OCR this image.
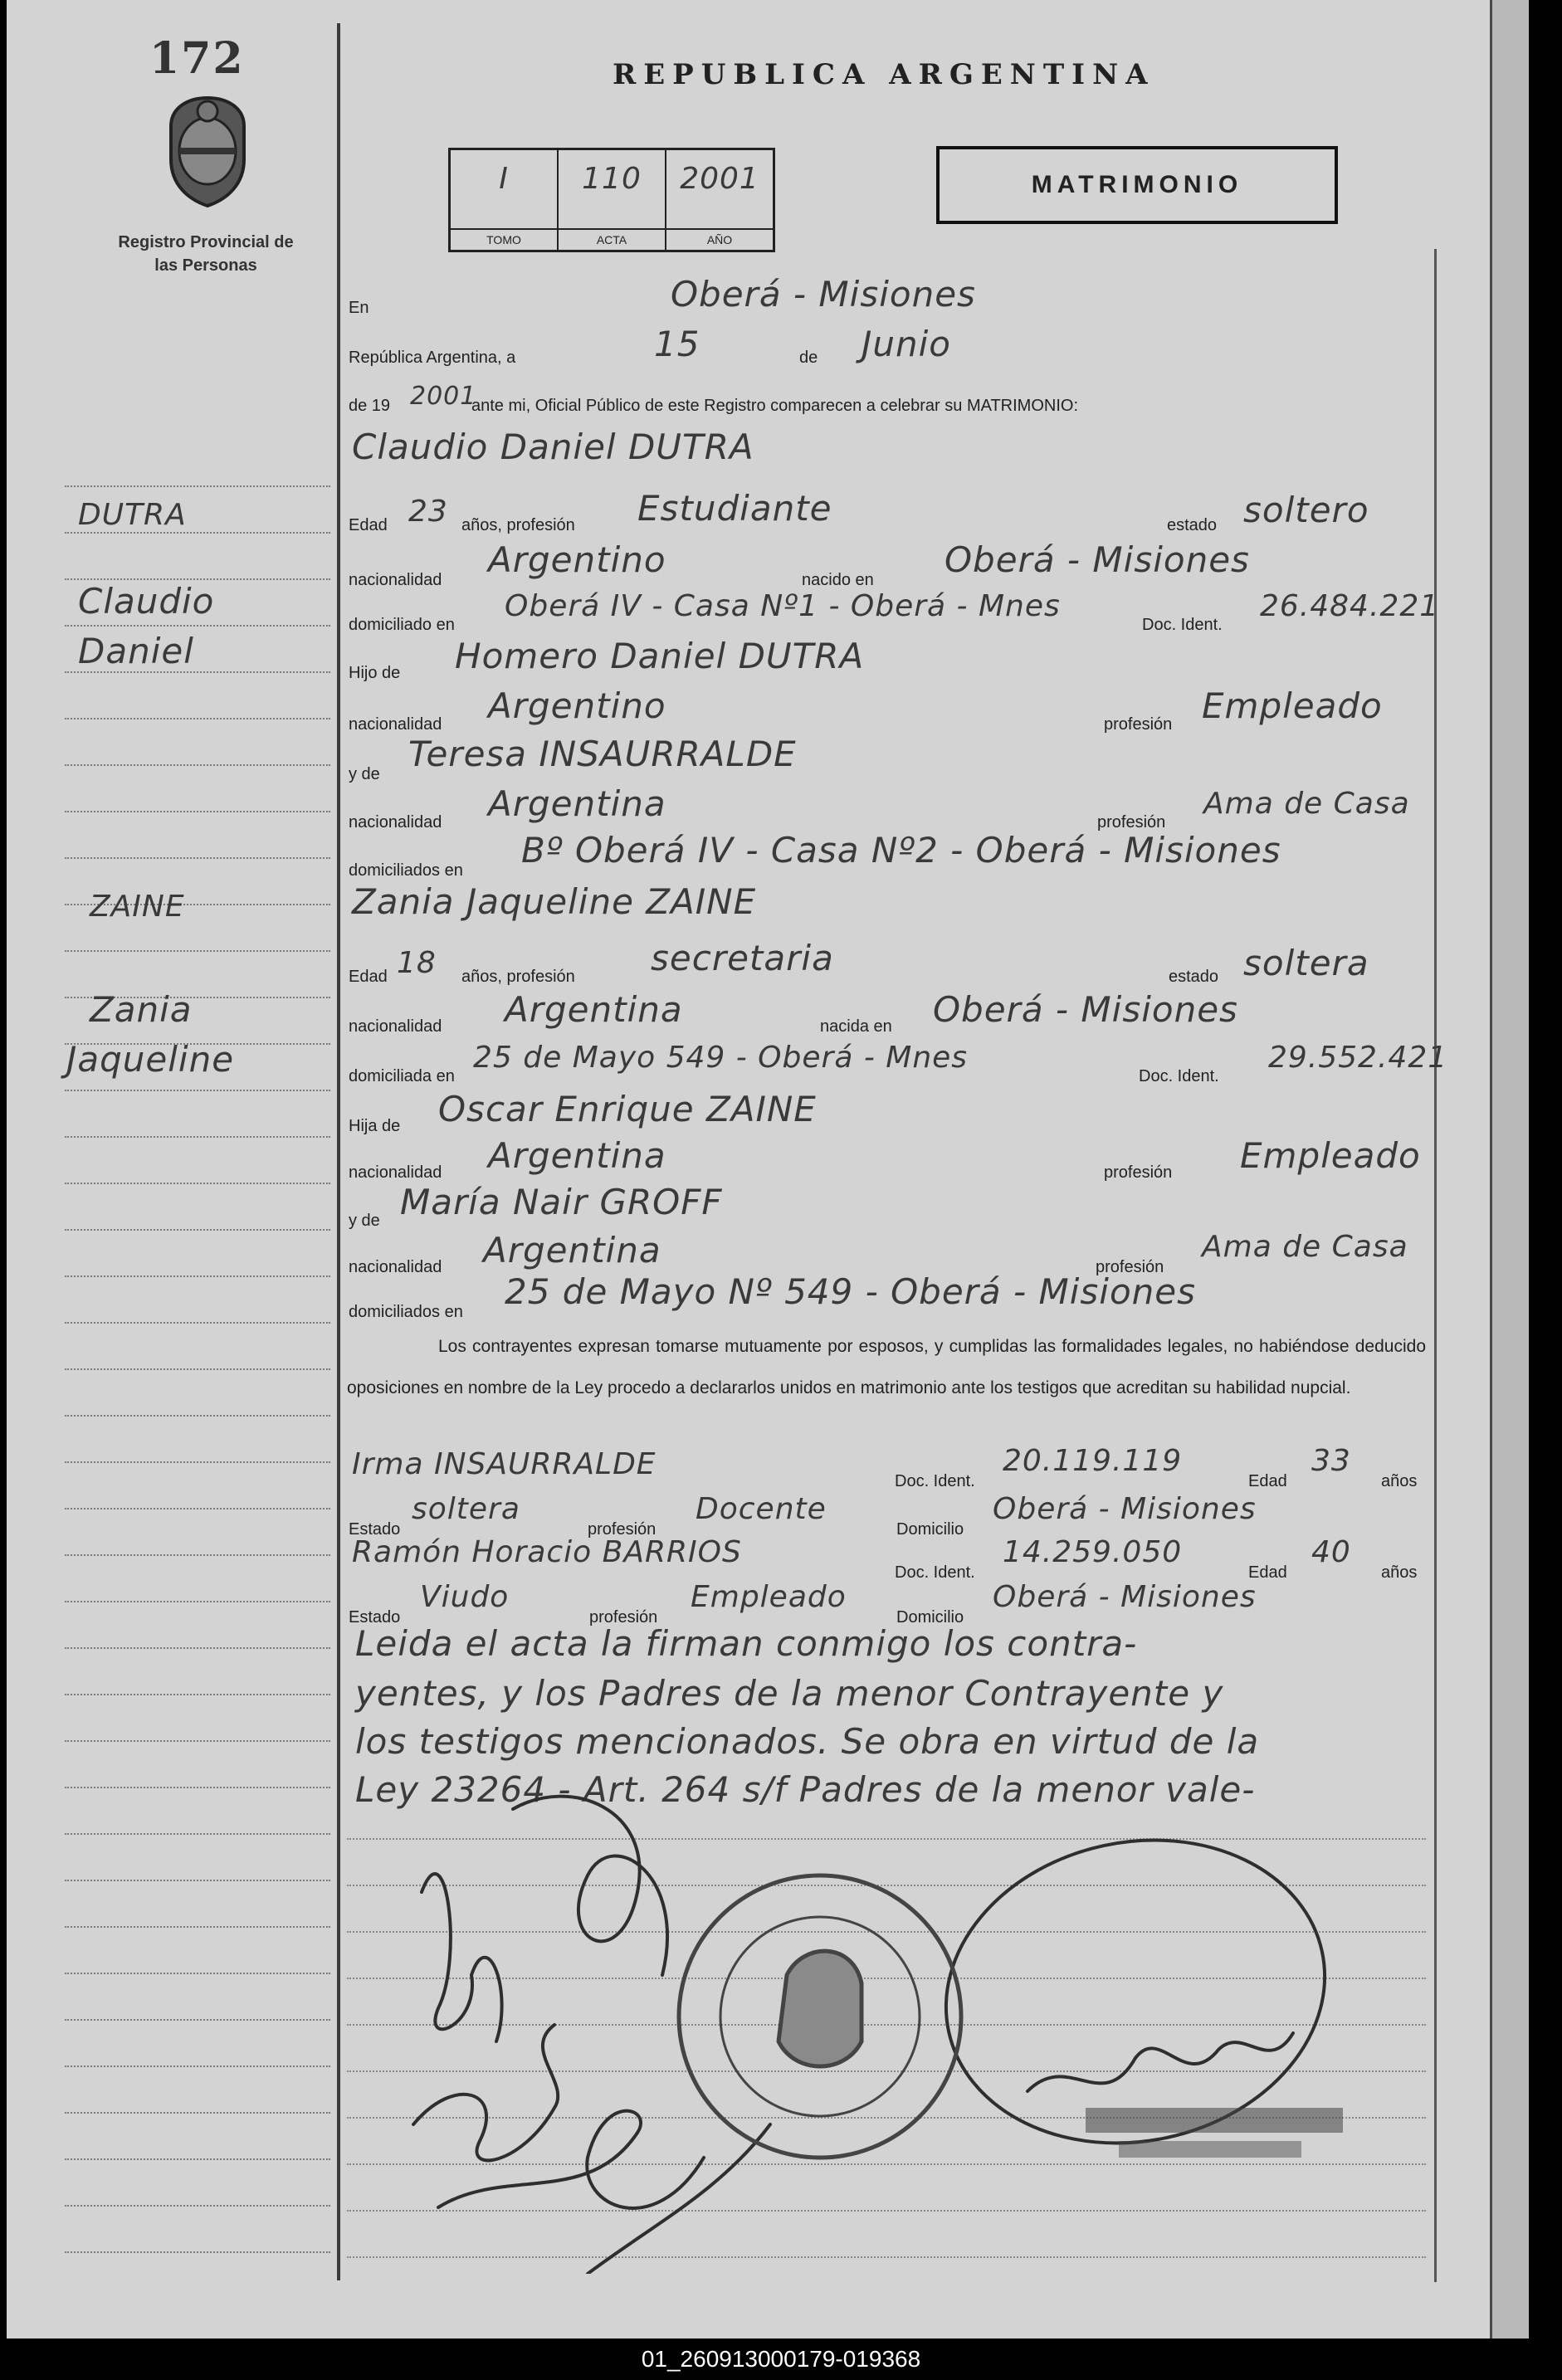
172
Registro Provincial de las Personas
REPUBLICA ARGENTINA
I
TOMO
110
ACTA
2001
AÑO
MATRIMONIO
En	Oberá - Misiones
República Argentina, a	15	de Junio
de 19 2001
ante mi, Oficial Público de este Registro comparecen a celebrar su MATRIMONIO:
Claudio Daniel DUTRA
DUTRA
Claudio
Daniel
ZAINE
Zania
Jaqueline
Edad 23 años, profesión Estudiante	estado soltero
nacionalidad Argentino	nacido en Oberá - Misiones
domiciliado en
Oberá IV - Casa Nº1 - Oberá - Mnes
Doc. Ident.
26.484.221
Hijo de Homero Daniel DUTRA
nacionalidad Argentino	profesión Empleado
y de Teresa INSAURRALDE
nacionalidad Argentina	profesión
Ama de Casa
domiciliados en Bº Oberá IV - Casa Nº2 - Oberá - Misiones
Zania Jaqueline ZAINE
Edad 18 años, profesión secretaria	estado soltera
nacionalidad Argentina	nacida en Oberá - Misiones
domiciliada en
25 de Mayo 549 - Oberá - Mnes
Doc. Ident.
29.552.421
Hija de Oscar Enrique ZAINE
nacionalidad Argentina	profesión Empleado
y de María Nair GROFF
nacionalidad Argentina	profesión
Ama de Casa
domiciliados en 25 de Mayo Nº 549 - Oberá - Misiones

Los contrayentes expresan tomarse mutuamente por esposos, y cumplidas las formalidades legales, no habiéndose deducido oposiciones en nombre de la Ley procedo a declararlos unidos en matrimonio ante los testigos que acreditan su habilidad nupcial.

Irma INSAURRALDE	Doc. Ident.
20.119.119
Edad
33
años
Estado
soltera
profesión
Docente
Domicilio
Oberá - Misiones
Ramón Horacio BARRIOS
Doc. Ident.
14.259.050
Edad
40
años
Estado
Viudo
profesión
Empleado
Domicilio
Oberá - Misiones
Leida el acta la firman conmigo los contra-
yentes, y los Padres de la menor Contrayente y
los testigos mencionados. Se obra en virtud de la
Ley 23264 - Art. 264 s/f Padres de la menor vale-
01_260913000179-019368
